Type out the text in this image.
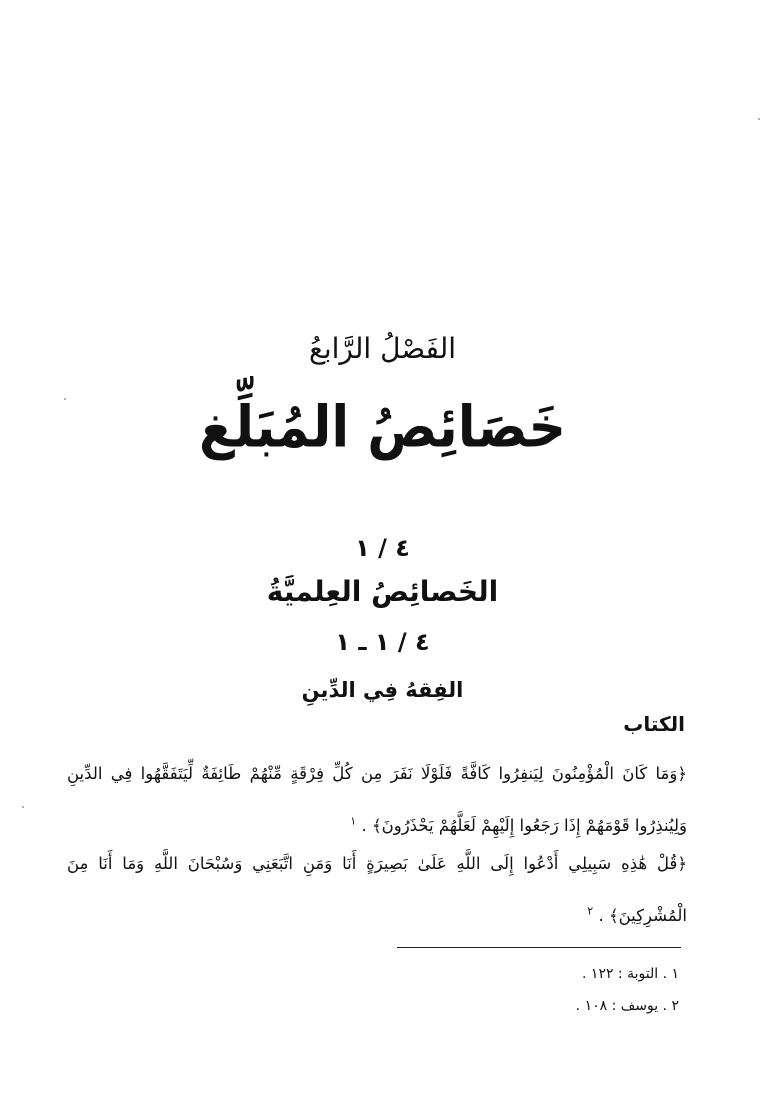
الفَصْلُ الرَّابعُ
خَصَائِصُ المُبَلِّغ
٤ / ١
الخَصائِصُ العِلميَّةُ
٤ / ١ ـ ١
الفِقهُ فِي الدِّينِ
الكتاب
﴿وَمَا كَانَ الْمُؤْمِنُونَ لِيَنفِرُوا كَافَّةً فَلَوْلَا نَفَرَ مِن كُلِّ فِرْقَةٍ مِّنْهُمْ طَائِفَةٌ لِّيَتَفَقَّهُوا فِي الدِّينِ وَلِيُنذِرُوا قَوْمَهُمْ إِذَا رَجَعُوا إِلَيْهِمْ لَعَلَّهُمْ يَحْذَرُونَ﴾ . $^١$
﴿قُلْ هَٰذِهِ سَبِيلِي أَدْعُوا إِلَى اللَّهِ عَلَىٰ بَصِيرَةٍ أَنَا وَمَنِ اتَّبَعَنِي وَسُبْحَانَ اللَّهِ وَمَا أَنَا مِنَ الْمُشْرِكِينَ﴾ . $^٢$
١ . التوبة : ١٢٢ .
٢ . يوسف : ١٠٨ .
